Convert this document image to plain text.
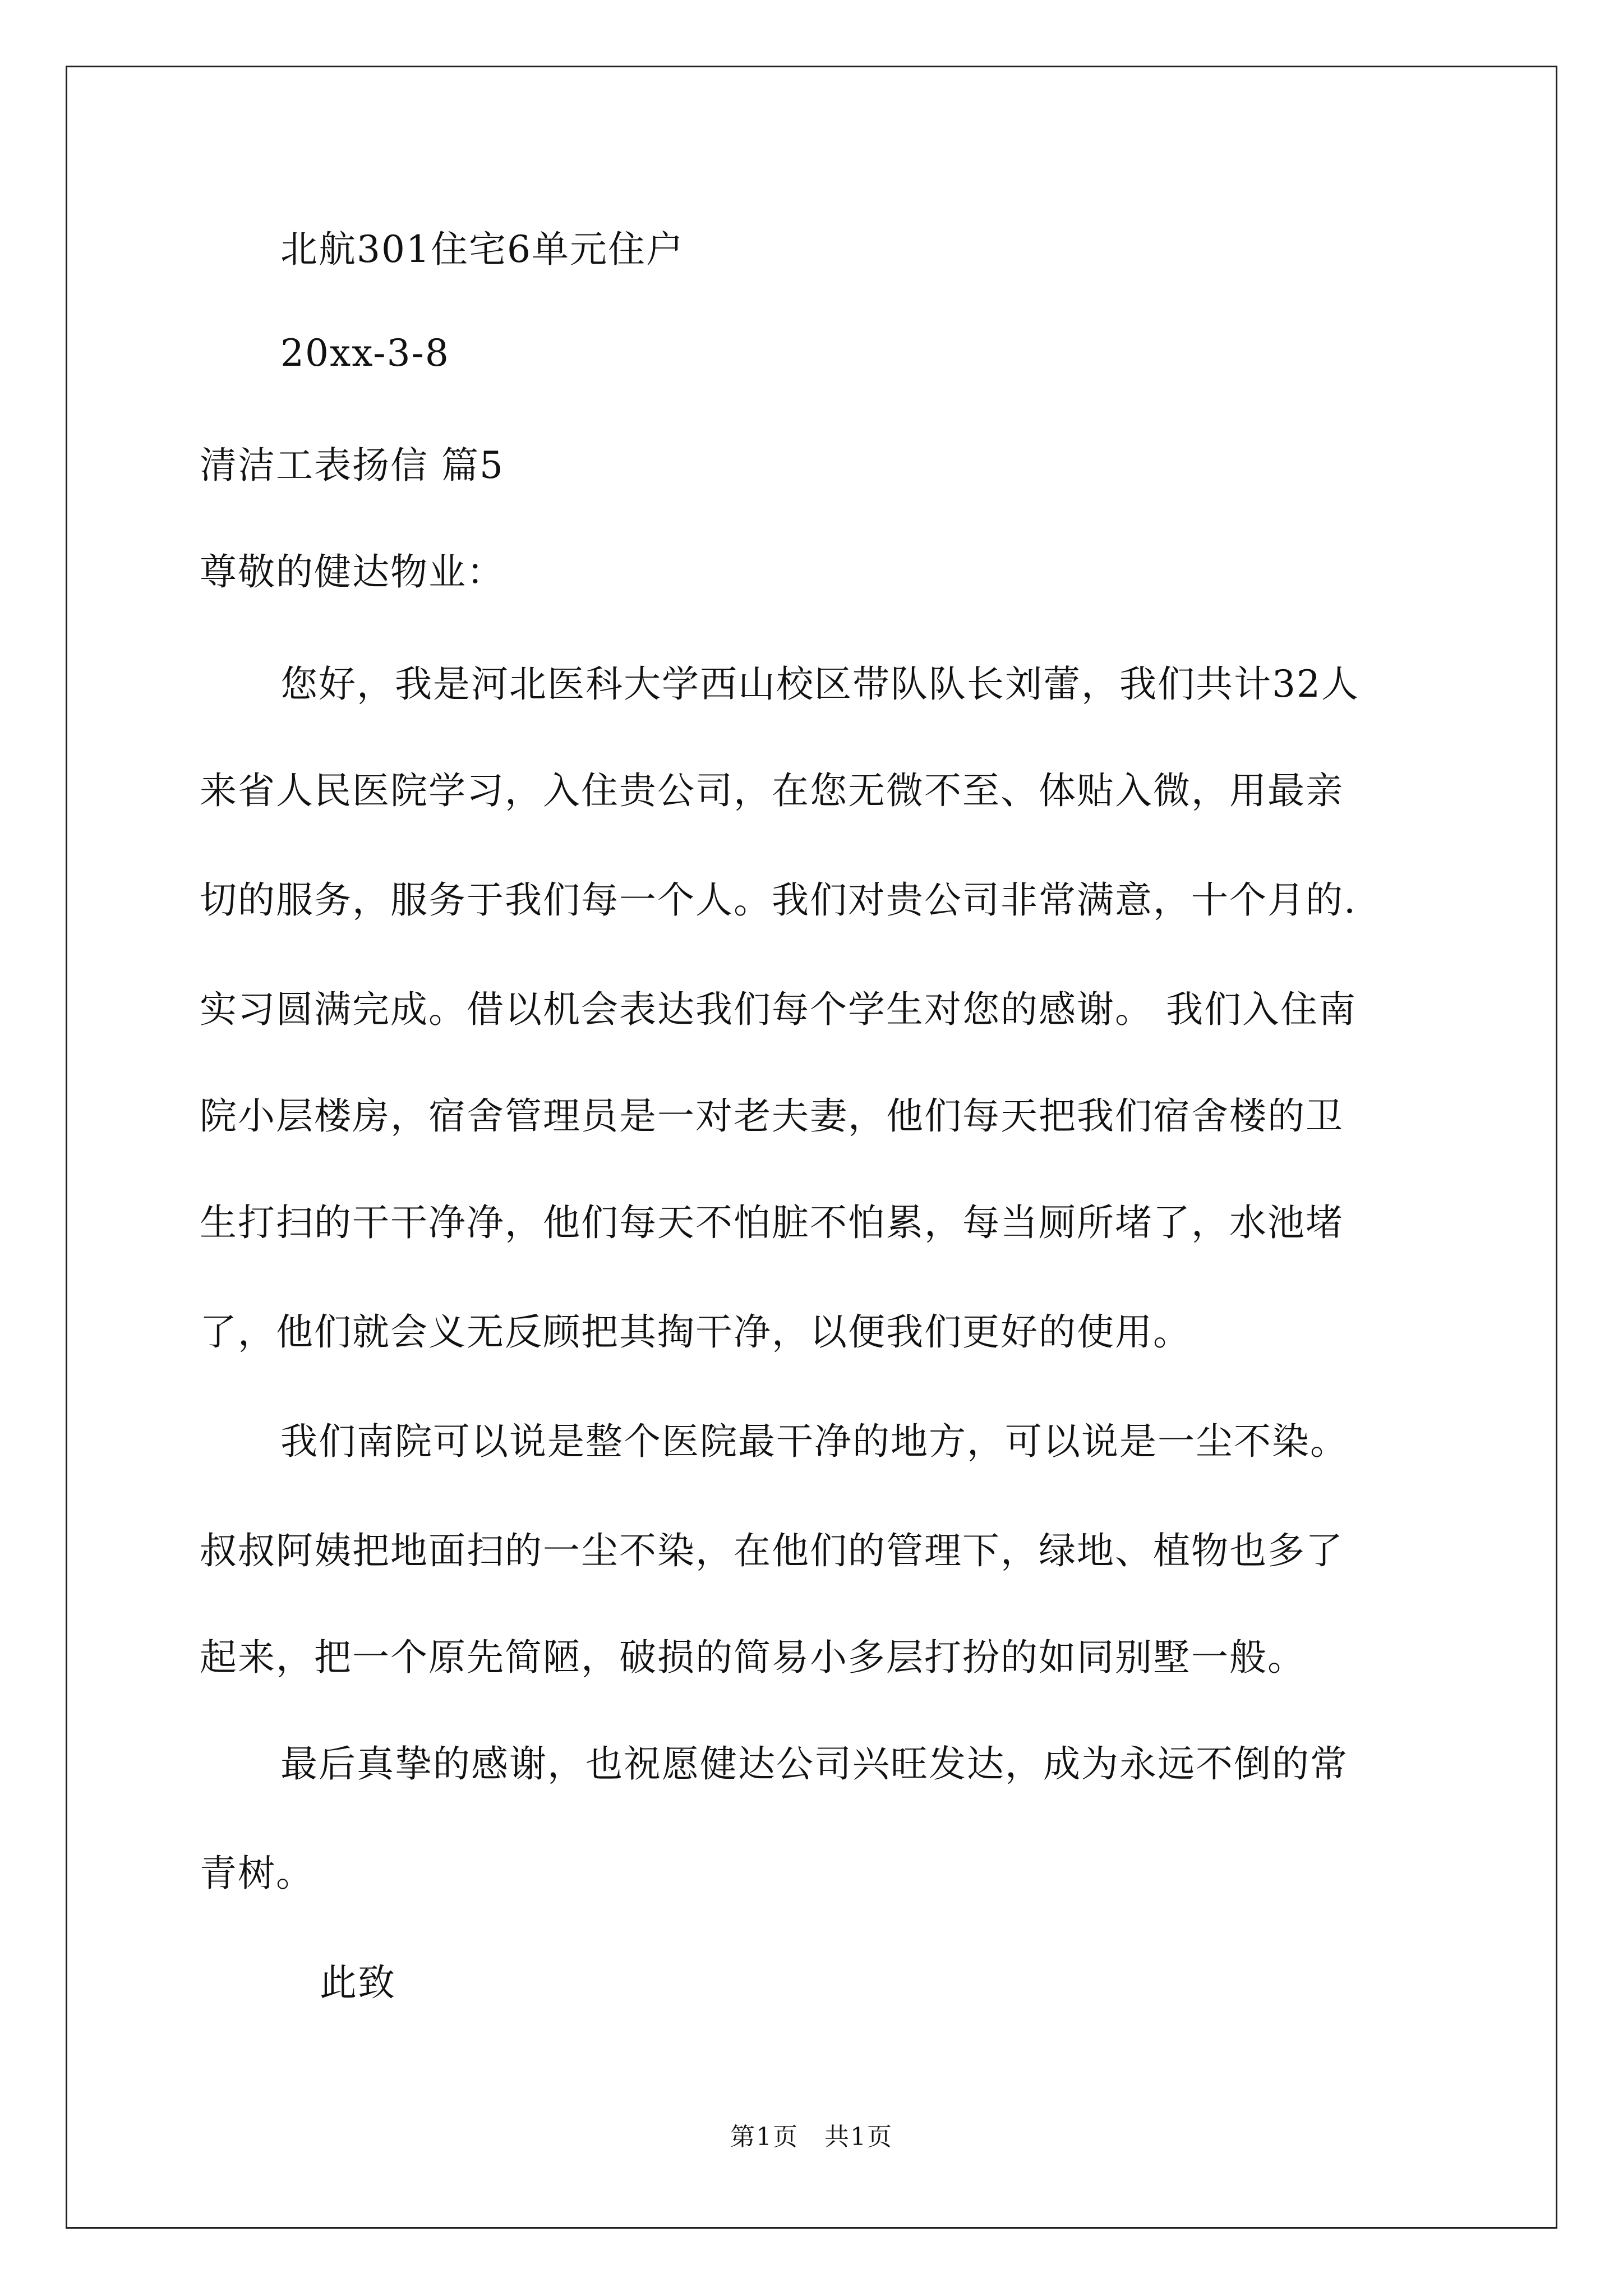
北航301住宅6单元住户
20xx-3-8
清洁工表扬信 篇5
尊敬的健达物业：
您好，我是河北医科大学西山校区带队队长刘蕾，我们共计32人
来省人民医院学习，入住贵公司，在您无微不至、体贴入微，用最亲
切的服务，服务于我们每一个人。我们对贵公司非常满意，十个月的.
实习圆满完成。借以机会表达我们每个学生对您的感谢。 我们入住南
院小层楼房，宿舍管理员是一对老夫妻，他们每天把我们宿舍楼的卫
生打扫的干干净净，他们每天不怕脏不怕累，每当厕所堵了，水池堵
了，他们就会义无反顾把其掏干净，以便我们更好的使用。
我们南院可以说是整个医院最干净的地方，可以说是一尘不染。
叔叔阿姨把地面扫的一尘不染，在他们的管理下，绿地、植物也多了
起来，把一个原先简陋，破损的简易小多层打扮的如同别墅一般。
最后真挚的感谢，也祝愿健达公司兴旺发达，成为永远不倒的常
青树。
此致
第1页　共1页
